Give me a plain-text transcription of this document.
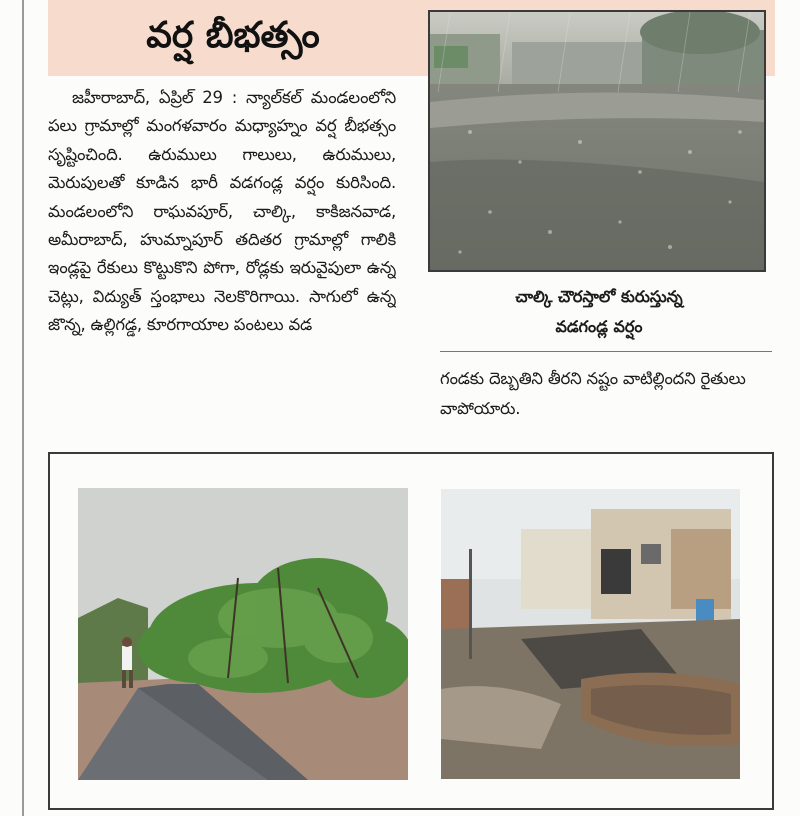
వర్ష బీభత్సం

జహీరాబాద్, ఏప్రిల్ 29 : న్యాల్‌కల్ మండలంలోని పలు గ్రామాల్లో మంగళవారం మధ్యాహ్నం వర్ష బీభత్సం సృష్టించింది. ఉరుములు గాలులు, ఉరుములు, మెరుపులతో కూడిన భారీ వడగండ్ల వర్షం కురిసింది. మండలంలోని రాఘవపూర్, చాల్కి, కాకిజనవాడ, అమీరాబాద్, హుమ్నాపూర్ తదితర గ్రామాల్లో గాలికి ఇండ్లపై రేకులు కొట్టుకొని పోగా, రోడ్లకు ఇరువైపులా ఉన్న చెట్లు, విద్యుత్ స్తంభాలు నెలకొరిగాయి. సాగులో ఉన్న జొన్న, ఉల్లిగడ్డ, కూరగాయాల పంటలు వడ

చాల్కి చౌరస్తాలో కురుస్తున్న
వడగండ్ల వర్షం

గండకు దెబ్బతిని తీరని నష్టం వాటిల్లిందని రైతులు వాపోయారు.
